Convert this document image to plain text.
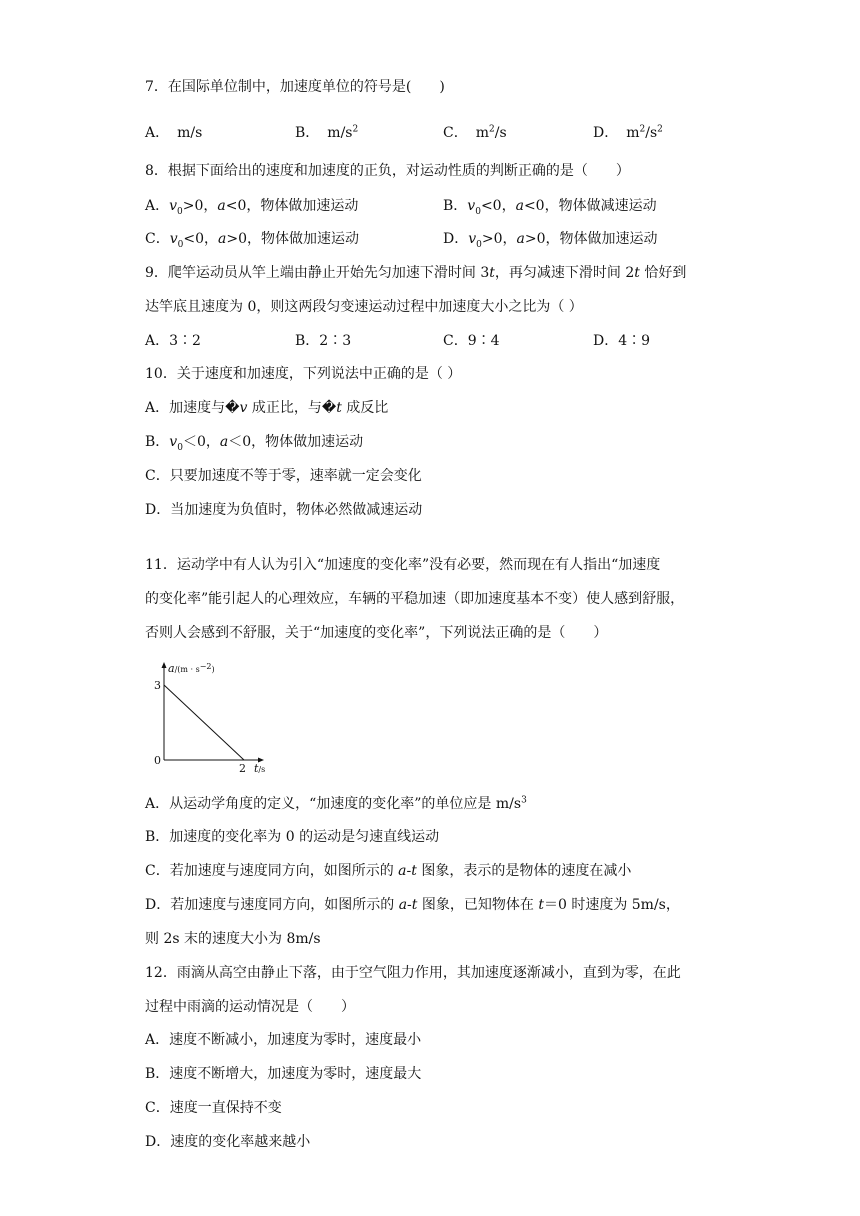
7．在国际单位制中，加速度单位的符号是(　　)
A． m/s	B． $m/s^2$	C． $m^2/s$	D． $m^2/s^2$
8．根据下面给出的速度和加速度的正负，对运动性质的判断正确的是（　　）
A．$v_0>0$，a<0，物体做加速运动	B．$v_0<0$，a<0，物体做减速运动
C．$v_0<0$，a>0，物体做加速运动	D．$v_0>0$，a>0，物体做加速运动
9．爬竿运动员从竿上端由静止开始先匀加速下滑时间 3t，再匀减速下滑时间 2t 恰好到
达竿底且速度为 0，则这两段匀变速运动过程中加速度大小之比为（ ）
A．3∶2	B．2∶3	C．9∶4	D．4∶9
10．关于速度和加速度，下列说法中正确的是（ ）
A．加速度与�v 成正比，与�t 成反比
B．$v_0<0$，a＜0，物体做加速运动
C．只要加速度不等于零，速率就一定会变化
D．当加速度为负值时，物体必然做减速运动
11．运动学中有人认为引入“加速度的变化率”没有必要，然而现在有人指出“加速度
的变化率”能引起人的心理效应，车辆的平稳加速（即加速度基本不变）使人感到舒服，
否则人会感到不舒服，关于“加速度的变化率”，下列说法正确的是（　　）
$a/(m \cdot s^{-2}_)$
3
0
2 t/s
A．从运动学角度的定义，“加速度的变化率”的单位应是 $m/s^3$
B．加速度的变化率为 0 的运动是匀速直线运动
C．若加速度与速度同方向，如图所示的 a-t 图象，表示的是物体的速度在减小
D．若加速度与速度同方向，如图所示的 a-t 图象，已知物体在 t＝0 时速度为 5m/s，
则 2s 末的速度大小为 8m/s
12．雨滴从高空由静止下落，由于空气阻力作用，其加速度逐渐减小，直到为零，在此
过程中雨滴的运动情况是（　　）
A．速度不断减小，加速度为零时，速度最小
B．速度不断增大，加速度为零时，速度最大
C．速度一直保持不变
D．速度的变化率越来越小
